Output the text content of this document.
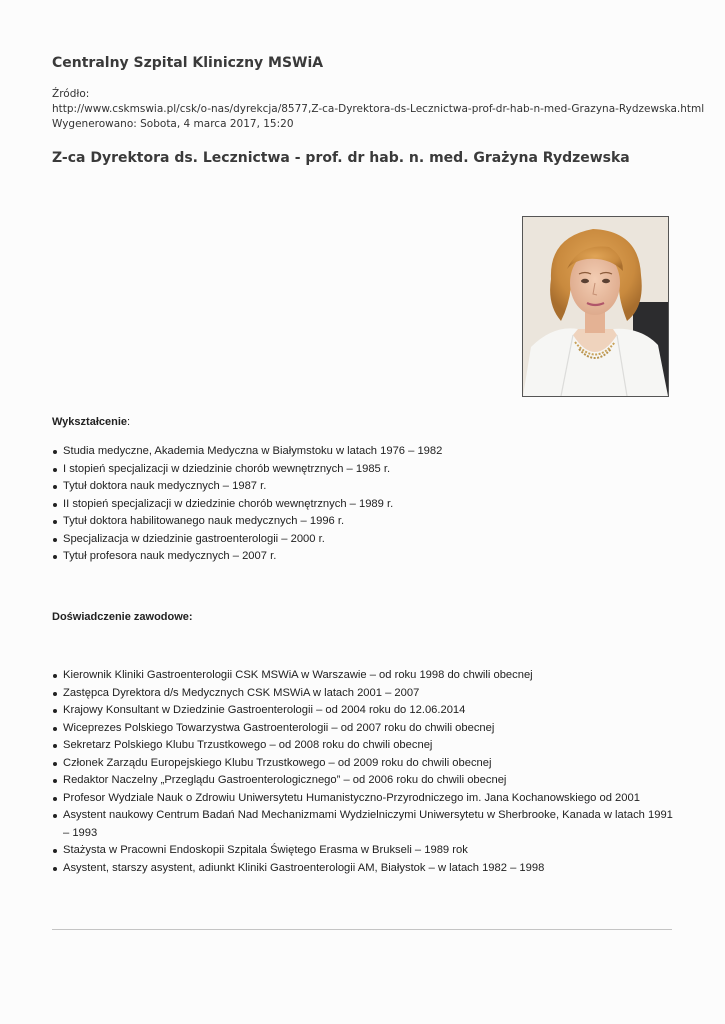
Centralny Szpital Kliniczny MSWiA
Źródło:
http://www.cskmswia.pl/csk/o-nas/dyrekcja/8577,Z-ca-Dyrektora-ds-Lecznictwa-prof-dr-hab-n-med-Grazyna-Rydzewska.html
Wygenerowano: Sobota, 4 marca 2017, 15:20
Z-ca Dyrektora ds. Lecznictwa - prof. dr hab. n. med. Grażyna Rydzewska
Wykształcenie:
Studia medyczne, Akademia Medyczna w Białymstoku w latach 1976 – 1982
I stopień specjalizacji w dziedzinie chorób wewnętrznych – 1985 r.
Tytuł doktora nauk medycznych – 1987 r.
II stopień specjalizacji w dziedzinie chorób wewnętrznych – 1989 r.
Tytuł doktora habilitowanego nauk medycznych – 1996 r.
Specjalizacja w dziedzinie gastroenterologii – 2000 r.
Tytuł profesora nauk medycznych – 2007 r.
Doświadczenie zawodowe:
Kierownik Kliniki Gastroenterologii CSK MSWiA w Warszawie – od roku 1998 do chwili obecnej
Zastępca Dyrektora d/s Medycznych CSK MSWiA w latach 2001 – 2007
Krajowy Konsultant w Dziedzinie Gastroenterologii – od 2004 roku do 12.06.2014
Wiceprezes Polskiego Towarzystwa Gastroenterologii – od 2007 roku do chwili obecnej
Sekretarz Polskiego Klubu Trzustkowego – od 2008 roku do chwili obecnej
Członek Zarządu Europejskiego Klubu Trzustkowego – od 2009 roku do chwili obecnej
Redaktor Naczelny „Przeglądu Gastroenterologicznego” – od 2006 roku do chwili obecnej
Profesor Wydziale Nauk o Zdrowiu Uniwersytetu Humanistyczno-Przyrodniczego im. Jana Kochanowskiego od 2001
Asystent naukowy Centrum Badań Nad Mechanizmami Wydzielniczymi Uniwersytetu w Sherbrooke, Kanada w latach 1991 – 1993
Stażysta w Pracowni Endoskopii Szpitala Świętego Erasma w Brukseli – 1989 rok
Asystent, starszy asystent, adiunkt Kliniki Gastroenterologii AM, Białystok – w latach 1982 – 1998
